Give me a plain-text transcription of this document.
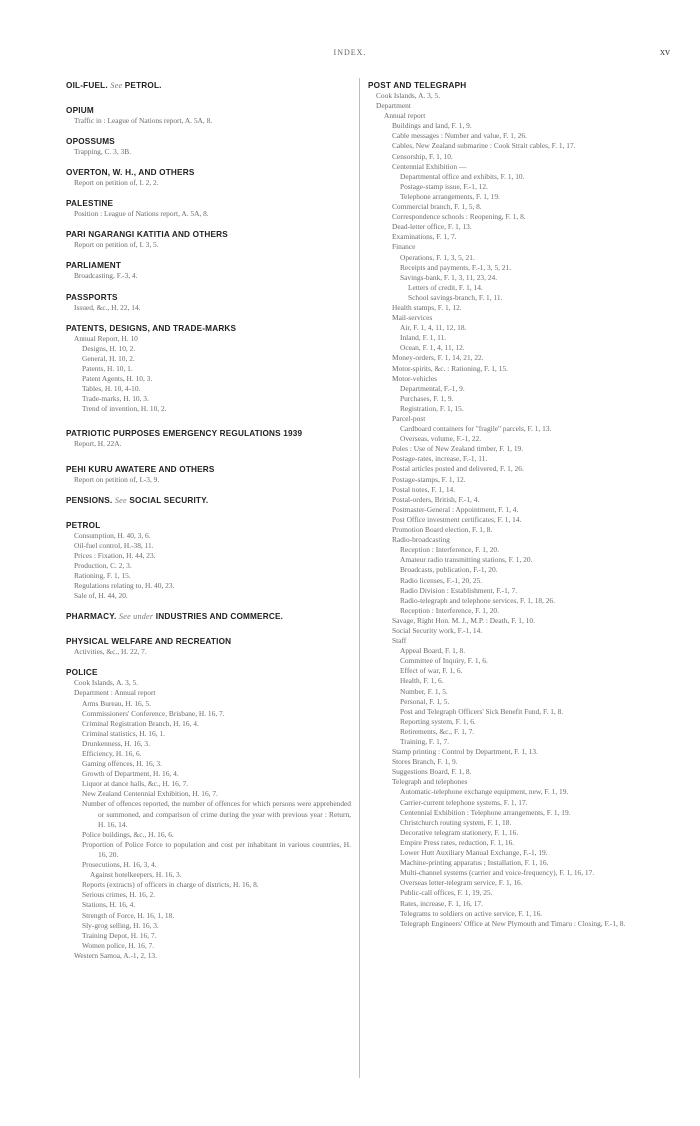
INDEX.	xv
OIL-FUEL. See PETROL.
OPIUM
Traffic in : League of Nations report, A. 5A, 8.
OPOSSUMS
Trapping, C. 3, 3B.
OVERTON, W. H., AND OTHERS
Report on petition of, I. 2, 2.
PALESTINE
Position : League of Nations report, A. 5A, 8.
PARI NGARANGI KATITIA AND OTHERS
Report on petition of, I. 3, 5.
PARLIAMENT
Broadcasting, F.-3, 4.
PASSPORTS
Issued, &c., H. 22, 14.
PATENTS, DESIGNS, AND TRADE-MARKS
Annual Report, H. 10
Designs, H. 10, 2.
General, H. 10, 2.
Patents, H. 10, 1.
Patent Agents, H. 10, 3.
Tables, H. 10, 4-10.
Trade-marks, H. 10, 3.
Trend of invention, H. 10, 2.
PATRIOTIC PURPOSES EMERGENCY REGULATIONS 1939
Report, H. 22A.
PEHI KURU AWATERE AND OTHERS
Report on petition of, I.-3, 9.
PENSIONS. See SOCIAL SECURITY.
PETROL
Consumption, H. 40, 3, 6.
Oil-fuel control, H.-38, 11.
Prices : Fixation, H. 44, 23.
Production, C. 2, 3.
Rationing, F. 1, 15.
Regulations relating to, H. 40, 23.
Sale of, H. 44, 20.
PHARMACY. See under INDUSTRIES AND COMMERCE.
PHYSICAL WELFARE AND RECREATION
Activities, &c., H. 22, 7.
POLICE
Cook Islands, A. 3, 5.
Department : Annual report
Arms Bureau, H. 16, 5.
Commissioners' Conference, Brisbane, H. 16, 7.
Criminal Registration Branch, H. 16, 4.
Criminal statistics, H. 16, 1.
Drunkenness, H. 16, 3.
Efficiency, H. 16, 6.
Gaming offences, H. 16, 3.
Growth of Department, H. 16, 4.
Liquor at dance halls, &c., H. 16, 7.
New Zealand Centennial Exhibition, H. 16, 7.
Number of offences reported, the number of offences for which persons were apprehended or summoned, and comparison of crime during the year with previous year : Return, H. 16, 14.
Police buildings, &c., H. 16, 6.
Proportion of Police Force to population and cost per inhabitant in various countries, H. 16, 20.
Prosecutions, H. 16, 3, 4.
Against hotelkeepers, H. 16, 3.
Reports (extracts) of officers in charge of districts, H. 16, 8.
Serious crimes, H. 16, 2.
Stations, H. 16, 4.
Strength of Force, H. 16, 1, 18.
Sly-grog selling, H. 16, 3.
Training Depot, H. 16, 7.
Women police, H. 16, 7.
Western Samoa, A.-1, 2, 13.
POST AND TELEGRAPH
Cook Islands, A. 3, 5.
Department
Annual report
Buildings and land, F. 1, 9.
Cable messages : Number and value, F. 1, 26.
Cables, New Zealand submarine : Cook Strait cables, F. 1, 17.
Censorship, F. 1, 10.
Centennial Exhibition —
Departmental office and exhibits, F. 1, 10.
Postage-stamp issue, F.-1, 12.
Telephone arrangements, F. 1, 19.
Commercial branch, F. 1, 5, 8.
Correspondence schools : Reopening, F. 1, 8.
Dead-letter office, F. 1, 13.
Examinations, F. 1, 7.
Finance
Operations, F. 1, 3, 5, 21.
Receipts and payments, F.-1, 3, 5, 21.
Savings-bank, F. 1, 3, 11, 23, 24.
Letters of credit, F. 1, 14.
School savings-branch, F. 1, 11.
Health stamps, F. 1, 12.
Mail-services
Air, F. 1, 4, 11, 12, 18.
Inland, F. 1, 11.
Ocean, F. 1, 4, 11, 12.
Money-orders, F. 1, 14, 21, 22.
Motor-spirits, &c. : Rationing, F. 1, 15.
Motor-vehicles
Departmental, F.-1, 9.
Purchases, F. 1, 9.
Registration, F. 1, 15.
Parcel-post
Cardboard containers for "fragile" parcels, F. 1, 13.
Overseas, volume, F.-1, 22.
Poles : Use of New Zealand timber, F. 1, 19.
Postage-rates, increase, F.-1, 11.
Postal articles posted and delivered, F. 1, 26.
Postage-stamps, F. 1, 12.
Postal notes, F. 1, 14.
Postal-orders, British, F.-1, 4.
Postmaster-General : Appointment, F. 1, 4.
Post Office investment certificates, F. 1, 14.
Promotion Board election, F. 1, 8.
Radio-broadcasting
Reception : Interference, F. 1, 20.
Amateur radio transmitting stations, F. 1, 20.
Broadcasts, publication, F.-1, 20.
Radio licenses, F.-1, 20, 25.
Radio Division : Establishment, F.-1, 7.
Radio-telegraph and telephone services, F. 1, 18, 26.
Reception : Interference, F. 1, 20.
Savage, Right Hon. M. J., M.P. : Death, F. 1, 10.
Social Security work, F.-1, 14.
Staff
Appeal Board, F. 1, 8.
Committee of Inquiry, F. 1, 6.
Effect of war, F. 1, 6.
Health, F. 1, 6.
Number, F. 1, 5.
Personal, F. 1, 5.
Post and Telegraph Officers' Sick Benefit Fund, F. 1, 8.
Reporting system, F. 1, 6.
Retirements, &c., F. 1, 7.
Training, F. 1, 7.
Stamp printing : Control by Department, F. 1, 13.
Stores Branch, F. 1, 9.
Suggestions Board, F. 1, 8.
Telegraph and telephones
Automatic-telephone exchange equipment, new, F. 1, 19.
Carrier-current telephone systems, F. 1, 17.
Centennial Exhibition : Telephone arrangements, F. 1, 19.
Christchurch routing system, F. 1, 18.
Decorative telegram stationery, F. 1, 16.
Empire Press rates, reduction, F. 1, 16.
Lower Hutt Auxiliary Manual Exchange, F.-1, 19.
Machine-printing apparatus ; Installation, F. 1, 16.
Multi-channel systems (carrier and voice-frequency), F. 1, 16, 17.
Overseas letter-telegram service, F. 1, 16.
Public-call offices, F. 1, 19, 25.
Rates, increase, F. 1, 16, 17.
Telegrams to soldiers on active service, F. 1, 16.
Telegraph Engineers' Office at New Plymouth and Timaru : Closing, F.-1, 8.
